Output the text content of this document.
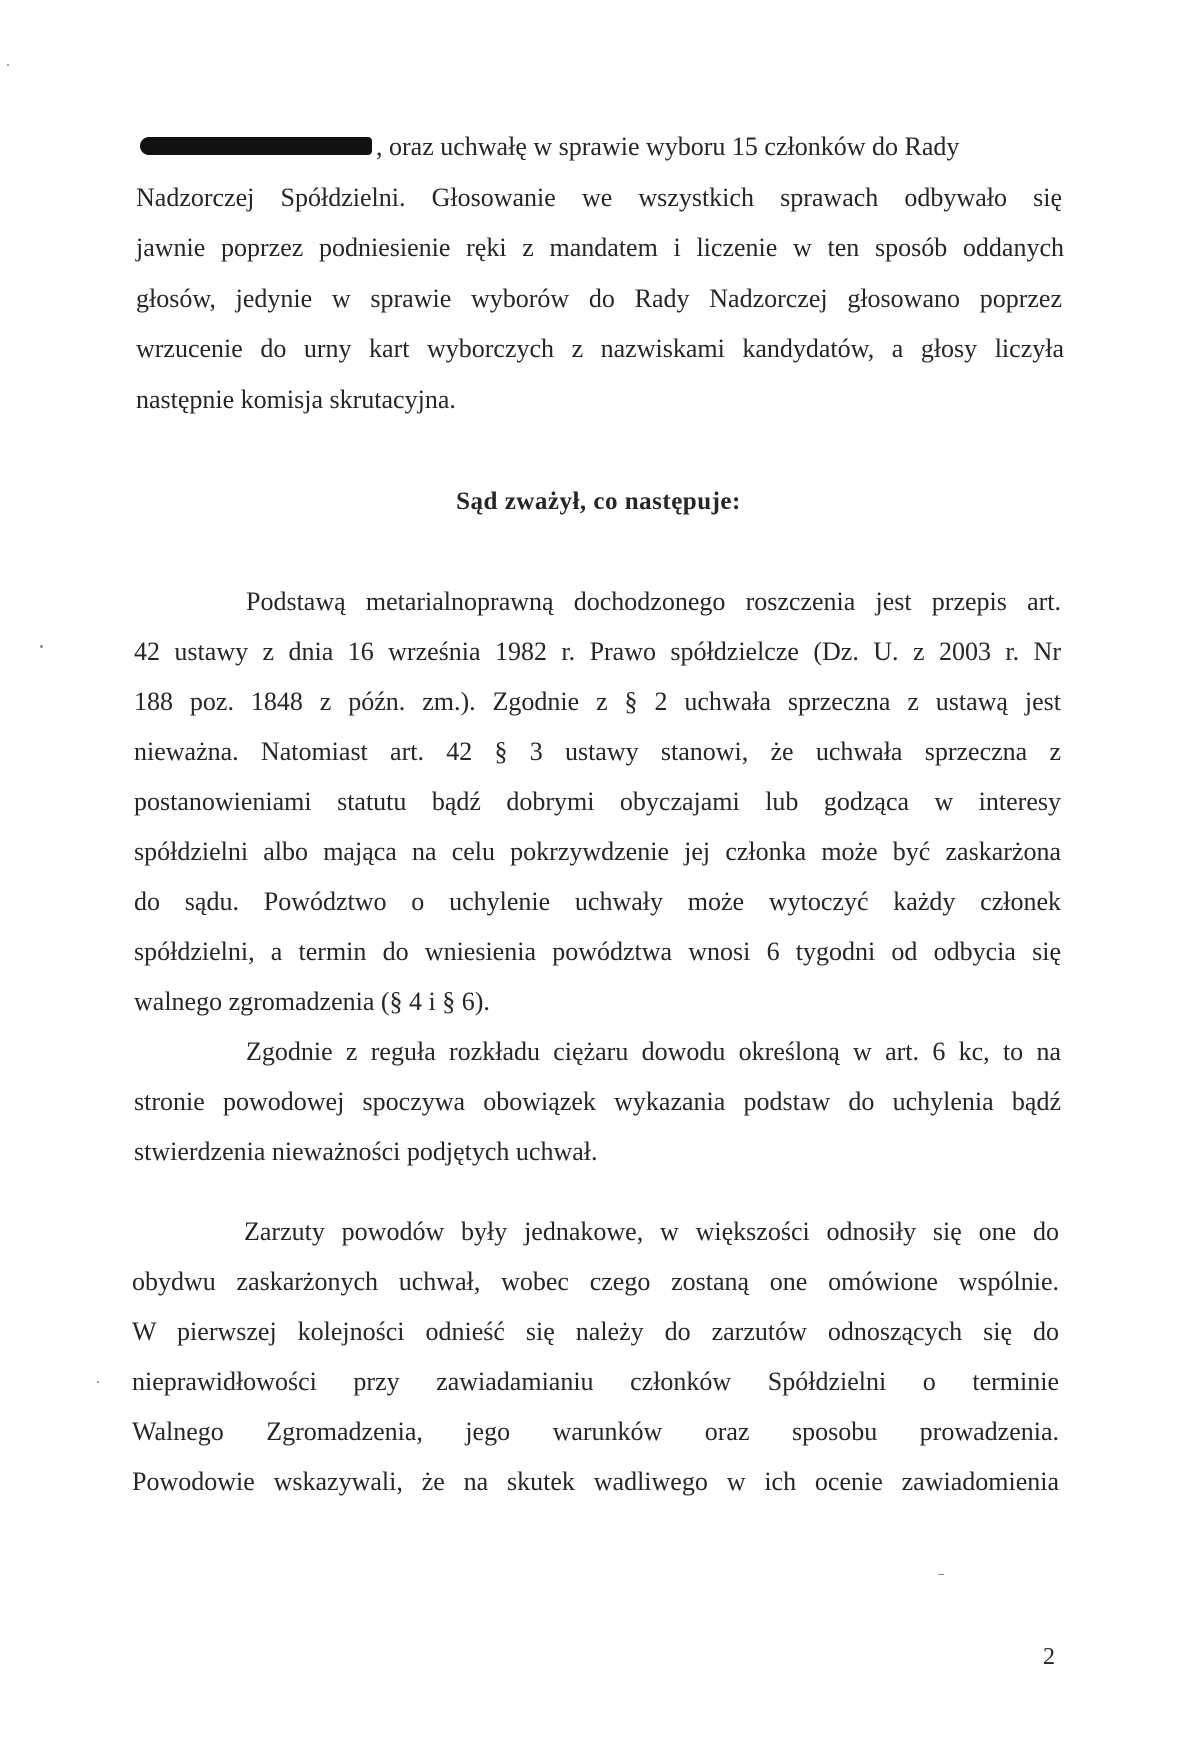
, oraz uchwałę w sprawie wyboru 15 członków do Rady
Nadzorczej Spółdzielni. Głosowanie we wszystkich sprawach odbywało się
jawnie poprzez podniesienie ręki z mandatem i liczenie w ten sposób oddanych
głosów, jedynie w sprawie wyborów do Rady Nadzorczej głosowano poprzez
wrzucenie do urny kart wyborczych z nazwiskami kandydatów, a głosy liczyła
następnie komisja skrutacyjna.
Sąd zważył, co następuje:
Podstawą metarialnoprawną dochodzonego roszczenia jest przepis art.
42 ustawy z dnia 16 września 1982 r. Prawo spółdzielcze (Dz. U. z 2003 r. Nr
188 poz. 1848 z późn. zm.). Zgodnie z § 2 uchwała sprzeczna z ustawą jest
nieważna. Natomiast art. 42 § 3 ustawy stanowi, że uchwała sprzeczna z
postanowieniami statutu bądź dobrymi obyczajami lub godząca w interesy
spółdzielni albo mająca na celu pokrzywdzenie jej członka może być zaskarżona
do sądu. Powództwo o uchylenie uchwały może wytoczyć każdy członek
spółdzielni, a termin do wniesienia powództwa wnosi 6 tygodni od odbycia się
walnego zgromadzenia (§ 4 i § 6).
Zgodnie z reguła rozkładu ciężaru dowodu określoną w art. 6 kc, to na
stronie powodowej spoczywa obowiązek wykazania podstaw do uchylenia bądź
stwierdzenia nieważności podjętych uchwał.
Zarzuty powodów były jednakowe, w większości odnosiły się one do
obydwu zaskarżonych uchwał, wobec czego zostaną one omówione wspólnie.
W pierwszej kolejności odnieść się należy do zarzutów odnoszących się do
nieprawidłowości przy zawiadamianiu członków Spółdzielni o terminie
Walnego Zgromadzenia, jego warunków oraz sposobu prowadzenia.
Powodowie wskazywali, że na skutek wadliwego w ich ocenie zawiadomienia
2
